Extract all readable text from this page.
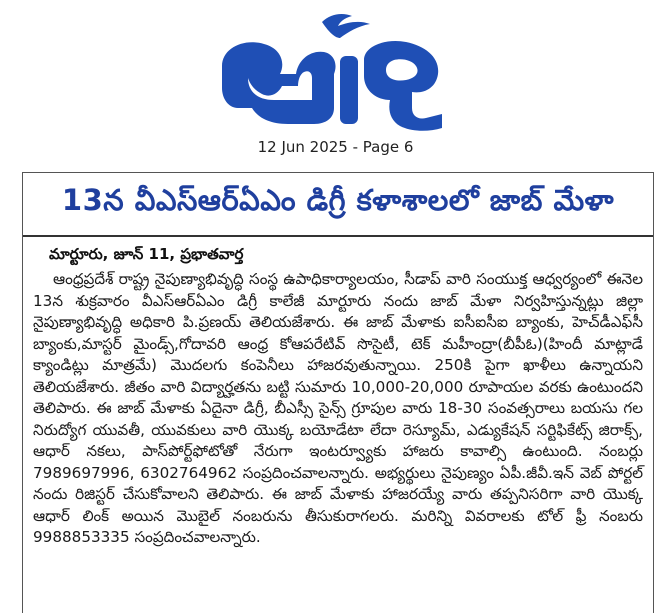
12 Jun 2025 - Page 6
13న వీఎస్ఆర్ఏఎం డిగ్రీ కళాశాలలో జాబ్ మేళా
మార్టూరు, జూన్ 11, ప్రభాతవార్త

ఆంధ్రప్రదేశ్ రాష్ట్ర నైపుణ్యాభివృద్ధి సంస్థ ఉపాధికార్యాలయం, సీడాప్ వారి సంయుక్త ఆధ్వర్యంలో ఈనెల 13న శుక్రవారం వీఎస్ఆర్ఏఎం డిగ్రీ కాలేజీ మార్టూరు నందు జాబ్ మేళా నిర్వహిస్తున్నట్లు జిల్లా నైపుణ్యాభివృద్ధి అధికారి పి.ప్రణయ్ తెలియజేశారు. ఈ జాబ్ మేళాకు ఐసీఐసీఐ బ్యాంకు, హెచ్‌డీఎఫ్‌సీ బ్యాంకు,మాస్టర్ మైండ్స్,గోదావరి ఆంధ్ర కోఆపరేటివ్ సొసైటీ, టెక్ మహీంద్రా(బీపీఓ)(హిందీ మాట్లాడే క్యాండిట్లు మాత్రమే) మొదలగు కంపెనీలు హాజరవుతున్నాయి. 250కి పైగా ఖాళీలు ఉన్నాయని తెలియజేశారు. జీతం వారి విద్యార్హతను బట్టి సుమారు 10,000-20,000 రూపాయల వరకు ఉంటుందని తెలిపారు. ఈ జాబ్ మేళాకు ఏదైనా డిగ్రీ, బీఎస్సీ సైన్స్ గ్రూపుల వారు 18-30 సంవత్సరాలు బయసు గల నిరుద్యోగ యువతీ, యువకులు వారి యొక్క బయోడేటా లేదా రెస్యూమ్, ఎడ్యుకేషన్ సర్టిఫికేట్స్ జిరాక్స్, ఆధార్ నకలు, పాస్‌పోర్ట్‌ఫోటోతో నేరుగా ఇంటర్వ్యూకు హాజరు కావాల్సి ఉంటుంది. నంబర్లు 7989697996, 6302764962 సంప్రదించవాలన్నారు. అభ్యర్థులు నైపుణ్యం ఏపీ.జీవీ.ఇన్ వెబ్ పోర్టల్ నందు రిజిస్టర్ చేసుకోవాలని తెలిపారు. ఈ జాబ్ మేళాకు హాజరయ్యే వారు తప్పనిసరిగా వారి యొక్క ఆధార్ లింక్ అయిన మొబైల్ నంబరును తీసుకురాగలరు. మరిన్ని వివరాలకు టోల్ ఫ్రీ నంబరు 9988853335 సంప్రదించవాలన్నారు.
